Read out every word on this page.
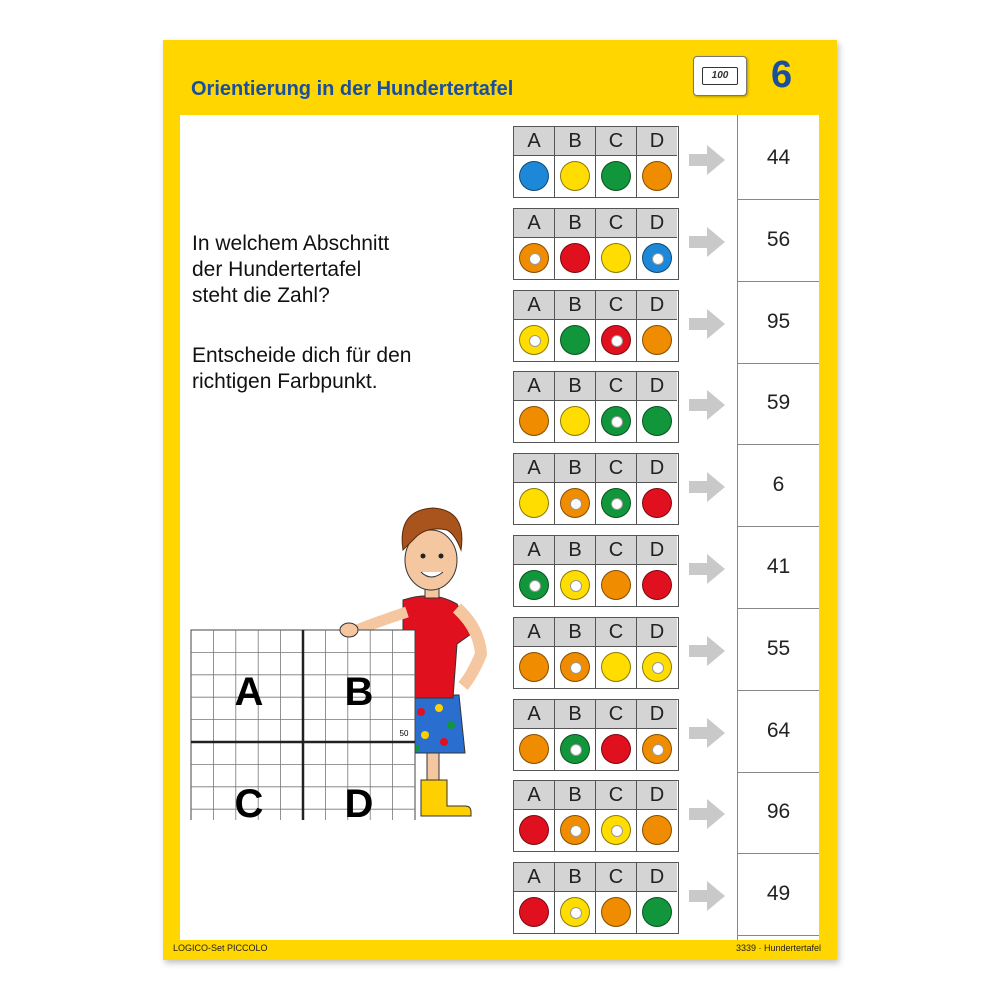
Orientierung in der Hundertertafel
100 6

In welchem Abschnitt

der Hundertertafel

steht die Zahl?

Entscheide dich für den

richtigen Farbpunkt.

A B
C D
50
A	B	C	D
44
A	B	C	D
56
A	B	C	D
95
A	B	C	D
59
A	B	C	D
6
A	B	C	D
41
A	B	C	D
55
A	B	C	D
64
A	B	C	D
96
A	B	C	D
49
LOGICO-Set PICCOLO	3339 · Hundertertafel
